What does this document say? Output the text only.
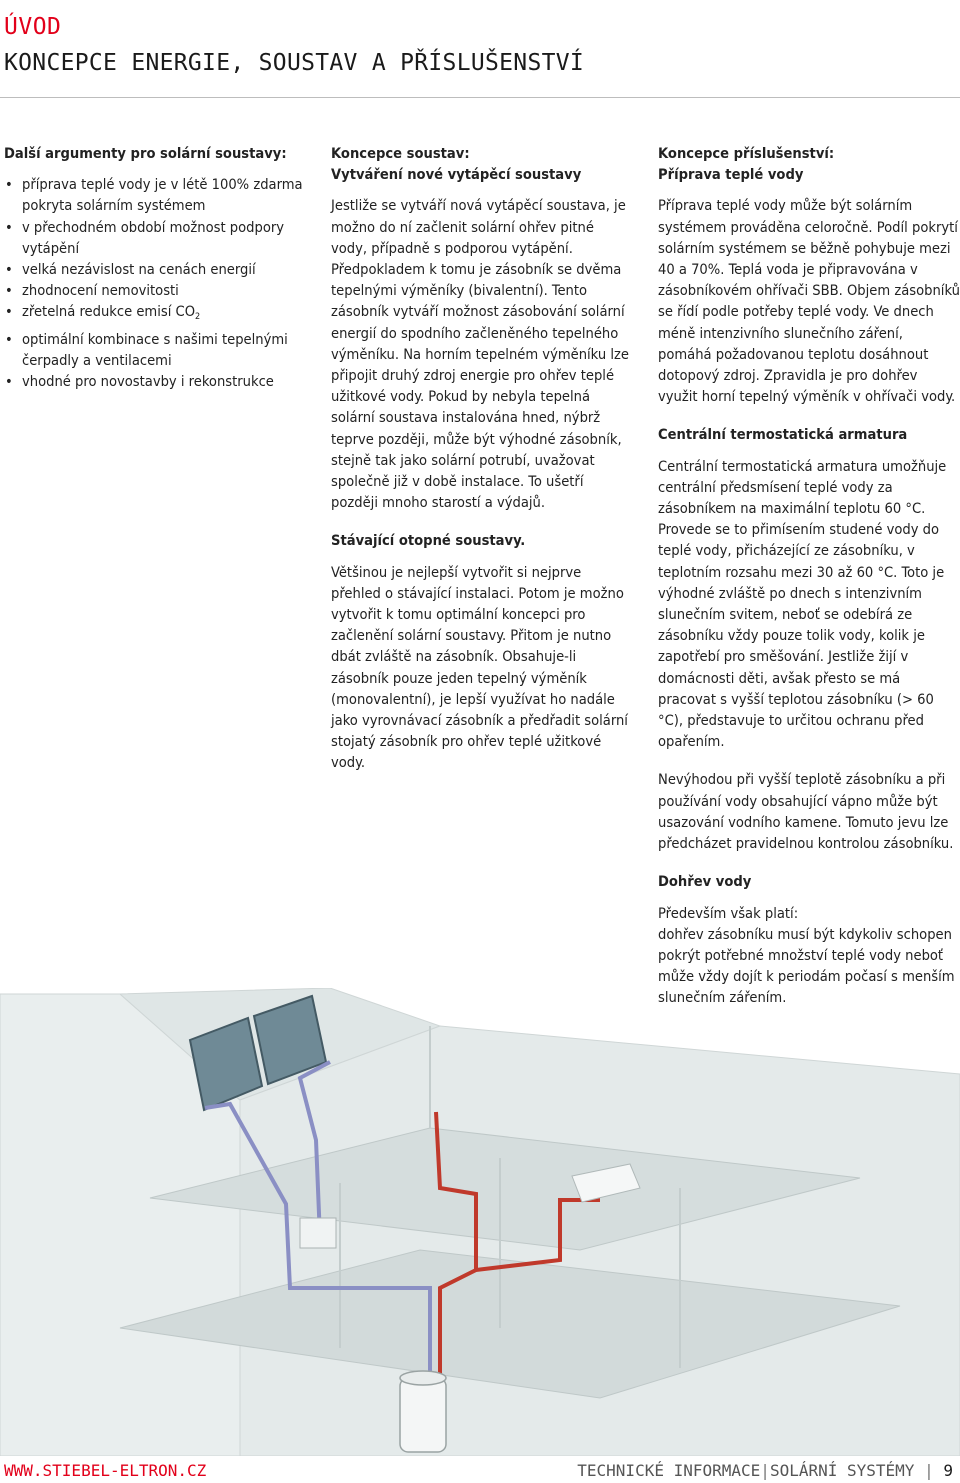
ÚVOD
KONCEPCE ENERGIE, SOUSTAV A PŘÍSLUŠENSTVÍ

Další argumenty pro solární soustavy:

• příprava teplé vody je v létě 100% zdarma pokryta solárním systémem
• v přechodném období možnost podpory vytápění
• velká nezávislost na cenách energií
• zhodnocení nemovitosti
• zřetelná redukce emisí $CO_2$
• optimální kombinace s našimi tepelnými čerpadly a ventilacemi
• vhodné pro novostavby i rekonstrukce

Koncepce soustav:

Vytváření nové vytápěcí soustavy

Jestliže se vytváří nová vytápěcí soustava, je možno do ní začlenit solární ohřev pitné vody, případně s podporou vytápění. Předpokladem k tomu je zásobník se dvěma tepelnými výměníky (bivalentní). Tento zásobník vytváří možnost zásobování solární energií do spodního začleněného tepelného výměníku. Na horním tepelném výměníku lze připojit druhý zdroj energie pro ohřev teplé užitkové vody. Pokud by nebyla tepelná solární soustava instalována hned, nýbrž teprve později, může být výhodné zásobník, stejně tak jako solární potrubí, uvažovat společně již v době instalace. To ušetří později mnoho starostí a výdajů.

Stávající otopné soustavy.

Většinou je nejlepší vytvořit si nejprve přehled o stávající instalaci. Potom je možno vytvořit k tomu optimální koncepci pro začlenění solární soustavy. Přitom je nutno dbát zvláště na zásobník. Obsahuje-li zásobník pouze jeden tepelný výměník (monovalentní), je lepší využívat ho nadále jako vyrovnávací zásobník a předřadit solární stojatý zásobník pro ohřev teplé užitkové vody.

Koncepce příslušenství:

Příprava teplé vody

Příprava teplé vody může být solárním systémem prováděna celoročně. Podíl pokrytí solárním systémem se běžně pohybuje mezi 40 a 70%. Teplá voda je připravována v zásobníkovém ohřívači SBB. Objem zásobníků se řídí podle potřeby teplé vody. Ve dnech méně intenzivního slunečního záření, pomáhá požadovanou teplotu dosáhnout dotopový zdroj. Zpravidla je pro dohřev využit horní tepelný výměník v ohřívači vody.

Centrální termostatická armatura

Centrální termostatická armatura umožňuje centrální předsmísení teplé vody za zásobníkem na maximální teplotu 60 °C. Provede se to přimísením studené vody do teplé vody, přicházející ze zásobníku, v teplotním rozsahu mezi 30 až 60 °C. Toto je výhodné zvláště po dnech s intenzivním slunečním svitem, neboť se odebírá ze zásobníku vždy pouze tolik vody, kolik je zapotřebí pro směšování. Jestliže žijí v domácnosti děti, avšak přesto se má pracovat s vyšší teplotou zásobníku (> 60 °C), představuje to určitou ochranu před opařením.

Nevýhodou při vyšší teplotě zásobníku a při používání vody obsahující vápno může být usazování vodního kamene. Tomuto jevu lze předcházet pravidelnou kontrolou zásobníku.

Dohřev vody

Především však platí:

dohřev zásobníku musí být kdykoliv schopen pokrýt potřebné množství teplé vody neboť může vždy dojít k periodám počasí s menším slunečním zářením.

WWW.STIEBEL-ELTRON.CZ	TECHNICKÉ INFORMACE|SOLÁRNÍ SYSTÉMY | 9
